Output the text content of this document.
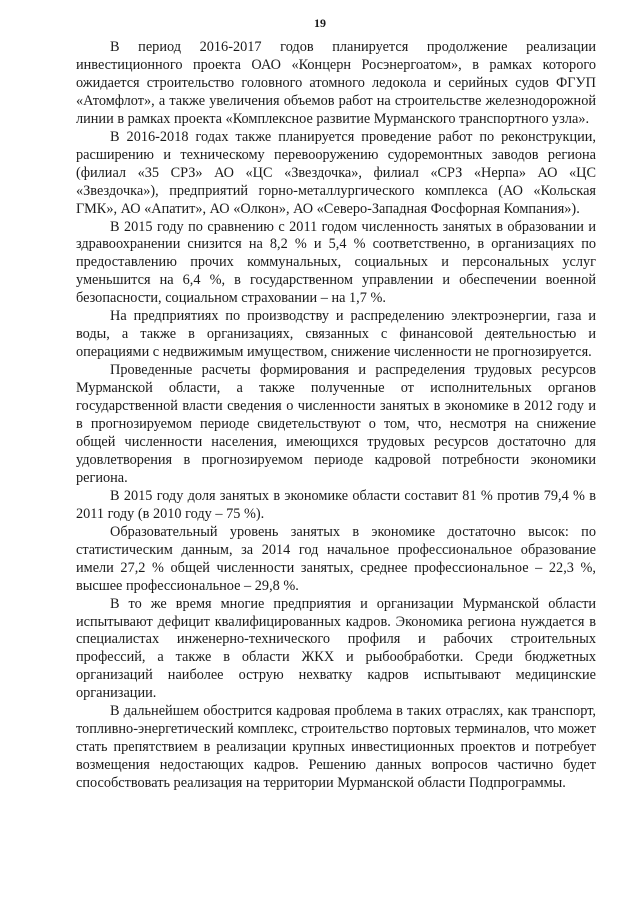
19

В период 2016-2017 годов планируется продолжение реализации инвестиционного проекта ОАО «Концерн Росэнергоатом», в рамках которого ожидается строительство головного атомного ледокола и серийных судов ФГУП «Атомфлот», а также увеличения объемов работ на строительстве железнодорожной линии в рамках проекта «Комплексное развитие Мурманского транспортного узла».

В 2016-2018 годах также планируется проведение работ по реконструкции, расширению и техническому перевооружению судоремонтных заводов региона (филиал «35 СРЗ» АО «ЦС «Звездочка», филиал «СРЗ «Нерпа» АО «ЦС «Звездочка»), предприятий горно-металлургического комплекса (АО «Кольская ГМК», АО «Апатит», АО «Олкон», АО «Северо-Западная Фосфорная Компания»).

В 2015 году по сравнению с 2011 годом численность занятых в образовании и здравоохранении снизится на 8,2 % и 5,4 % соответственно, в организациях по предоставлению прочих коммунальных, социальных и персональных услуг уменьшится на 6,4 %, в государственном управлении и обеспечении военной безопасности, социальном страховании – на 1,7 %.

На предприятиях по производству и распределению электроэнергии, газа и воды, а также в организациях, связанных с финансовой деятельностью и операциями с недвижимым имуществом, снижение численности не прогнозируется.

Проведенные расчеты формирования и распределения трудовых ресурсов Мурманской области, а также полученные от исполнительных органов государственной власти сведения о численности занятых в экономике в 2012 году и в прогнозируемом периоде свидетельствуют о том, что, несмотря на снижение общей численности населения, имеющихся трудовых ресурсов достаточно для удовлетворения в прогнозируемом периоде кадровой потребности экономики региона.

В 2015 году доля занятых в экономике области составит 81 % против 79,4 % в 2011 году (в 2010 году – 75 %).

Образовательный уровень занятых в экономике достаточно высок: по статистическим данным, за 2014 год начальное профессиональное образование имели 27,2 % общей численности занятых, среднее профессиональное – 22,3 %, высшее профессиональное – 29,8 %.

В то же время многие предприятия и организации Мурманской области испытывают дефицит квалифицированных кадров. Экономика региона нуждается в специалистах инженерно-технического профиля и рабочих строительных профессий, а также в области ЖКХ и рыбообработки. Среди бюджетных организаций наиболее острую нехватку кадров испытывают медицинские организации.

В дальнейшем обострится кадровая проблема в таких отраслях, как транспорт, топливно-энергетический комплекс, строительство портовых терминалов, что может стать препятствием в реализации крупных инвестиционных проектов и потребует возмещения недостающих кадров. Решению данных вопросов частично будет способствовать реализация на территории Мурманской области Подпрограммы.
